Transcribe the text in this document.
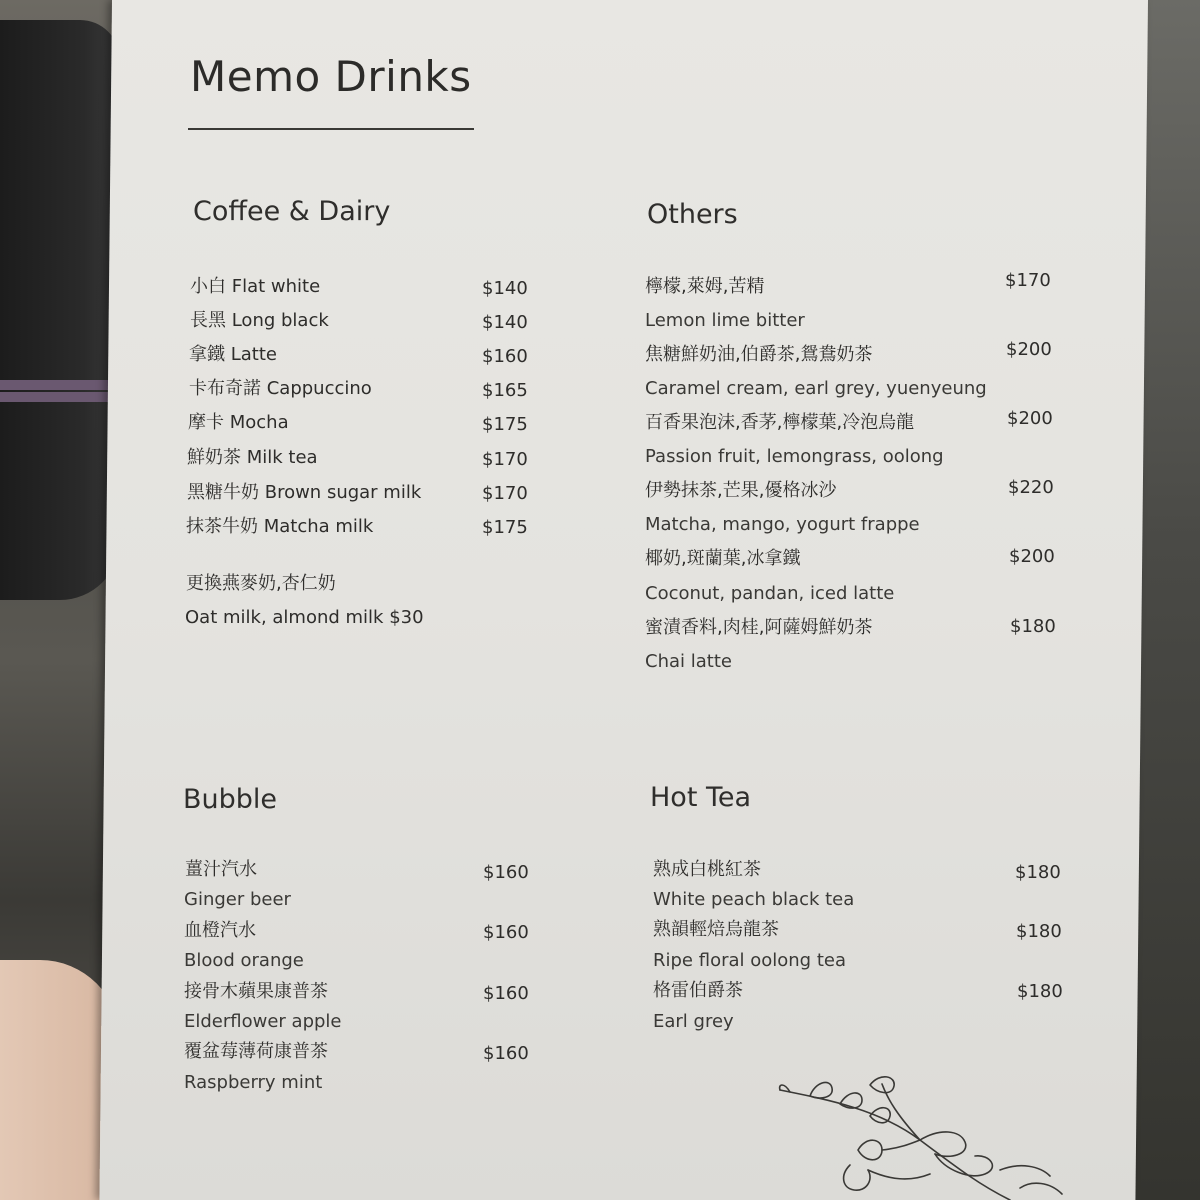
Memo Drinks
Coffee & Dairy
小白 Flat white	$140
長黑 Long black	$140
拿鐵 Latte	$160
卡布奇諾 Cappuccino	$165
摩卡 Mocha	$175
鮮奶茶 Milk tea	$170
黑糖牛奶 Brown sugar milk	$170
抹茶牛奶 Matcha milk	$175
更換燕麥奶,杏仁奶
Oat milk, almond milk $30
Others
檸檬,萊姆,苦精	$170
Lemon lime bitter
焦糖鮮奶油,伯爵茶,鴛鴦奶茶	$200
Caramel cream, earl grey, yuenyeung
百香果泡沫,香茅,檸檬葉,冷泡烏龍	$200
Passion fruit, lemongrass, oolong
伊勢抹茶,芒果,優格冰沙	$220
Matcha, mango, yogurt frappe
椰奶,斑蘭葉,冰拿鐵	$200
Coconut, pandan, iced latte
蜜漬香料,肉桂,阿薩姆鮮奶茶	$180
Chai latte
Bubble
薑汁汽水	$160
Ginger beer
血橙汽水	$160
Blood orange
接骨木蘋果康普茶	$160
Elderflower apple
覆盆莓薄荷康普茶	$160
Raspberry mint
Hot Tea
熟成白桃紅茶	$180
White peach black tea
熟韻輕焙烏龍茶	$180
Ripe floral oolong tea
格雷伯爵茶	$180
Earl grey
